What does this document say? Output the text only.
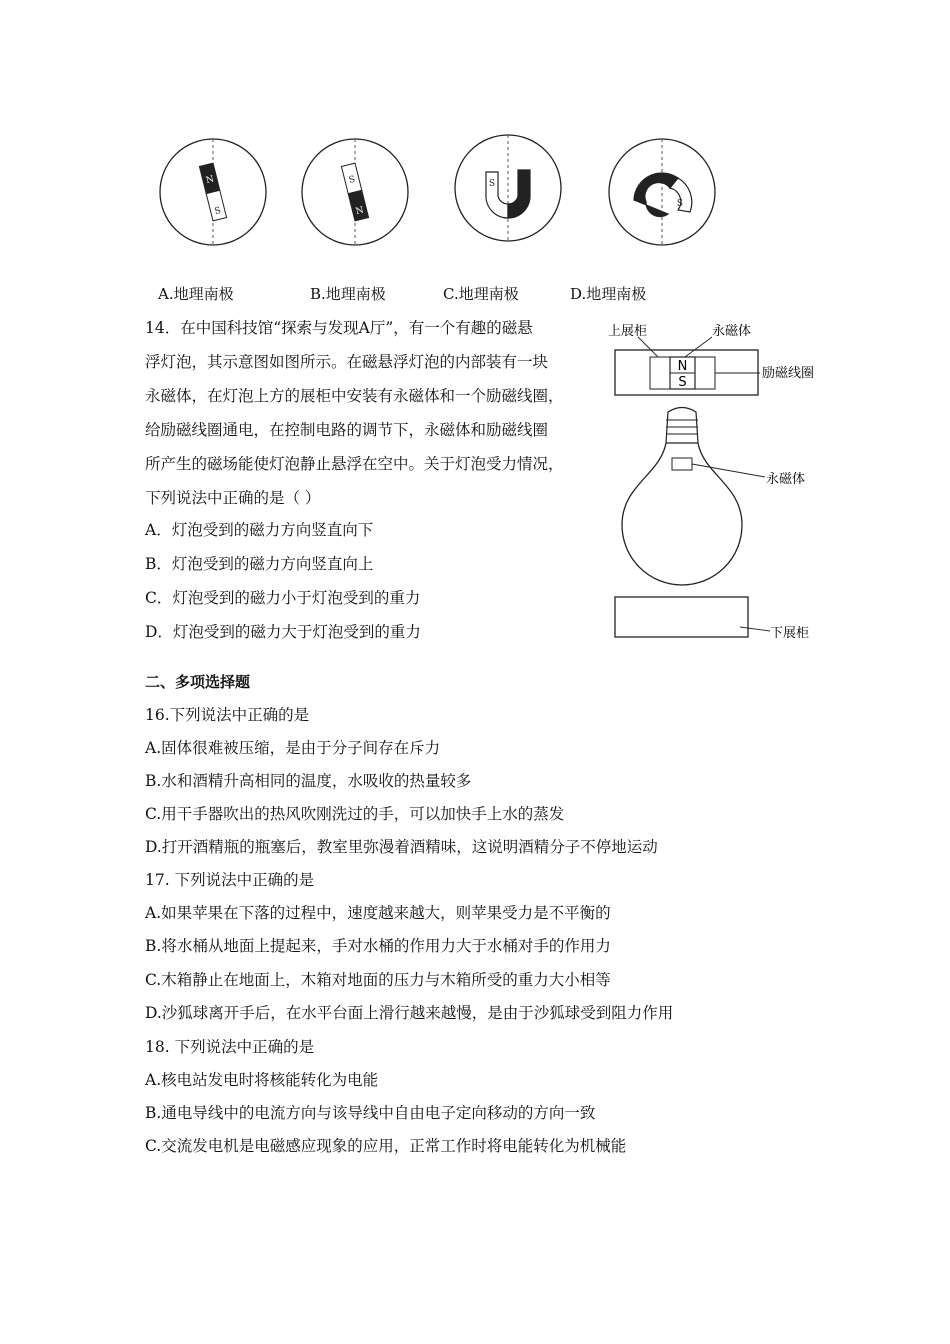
N
S
S
N
S
S
A.地理南极	B.地理南极	C.地理南极	D.地理南极
14．在中国科技馆“探索与发现A厅”，有一个有趣的磁悬
浮灯泡，其示意图如图所示。在磁悬浮灯泡的内部装有一块
永磁体，在灯泡上方的展柜中安装有永磁体和一个励磁线圈，
给励磁线圈通电，在控制电路的调节下，永磁体和励磁线圈
所产生的磁场能使灯泡静止悬浮在空中。关于灯泡受力情况，
下列说法中正确的是（ ）
A．灯泡受到的磁力方向竖直向下
B．灯泡受到的磁力方向竖直向上
C．灯泡受到的磁力小于灯泡受到的重力
D．灯泡受到的磁力大于灯泡受到的重力
N
S
上展柜	永磁体
励磁线圈
永磁体
下展柜
二、多项选择题
16.下列说法中正确的是
A.固体很难被压缩，是由于分子间存在斥力
B.水和酒精升高相同的温度，水吸收的热量较多
C.用干手器吹出的热风吹刚洗过的手，可以加快手上水的蒸发
D.打开酒精瓶的瓶塞后，教室里弥漫着酒精味，这说明酒精分子不停地运动
17. 下列说法中正确的是
A.如果苹果在下落的过程中，速度越来越大，则苹果受力是不平衡的
B.将水桶从地面上提起来，手对水桶的作用力大于水桶对手的作用力
C.木箱静止在地面上，木箱对地面的压力与木箱所受的重力大小相等
D.沙狐球离开手后，在水平台面上滑行越来越慢，是由于沙狐球受到阻力作用
18. 下列说法中正确的是
A.核电站发电时将核能转化为电能
B.通电导线中的电流方向与该导线中自由电子定向移动的方向一致
C.交流发电机是电磁感应现象的应用，正常工作时将电能转化为机械能
